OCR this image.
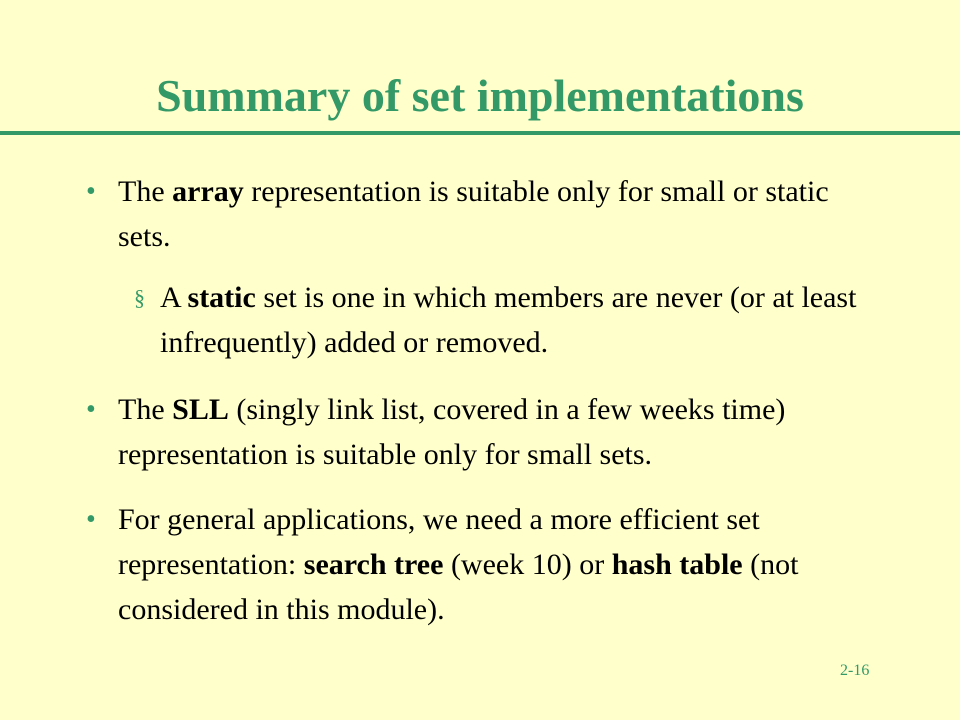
Summary of set implementations
• The array representation is suitable only for small or static sets.
§ A static set is one in which members are never (or at least infrequently) added or removed.
• The SLL (singly link list, covered in a few weeks time) representation is suitable only for small sets.
• For general applications, we need a more efficient set representation: search tree (week 10) or hash table (not considered in this module).
2-16
